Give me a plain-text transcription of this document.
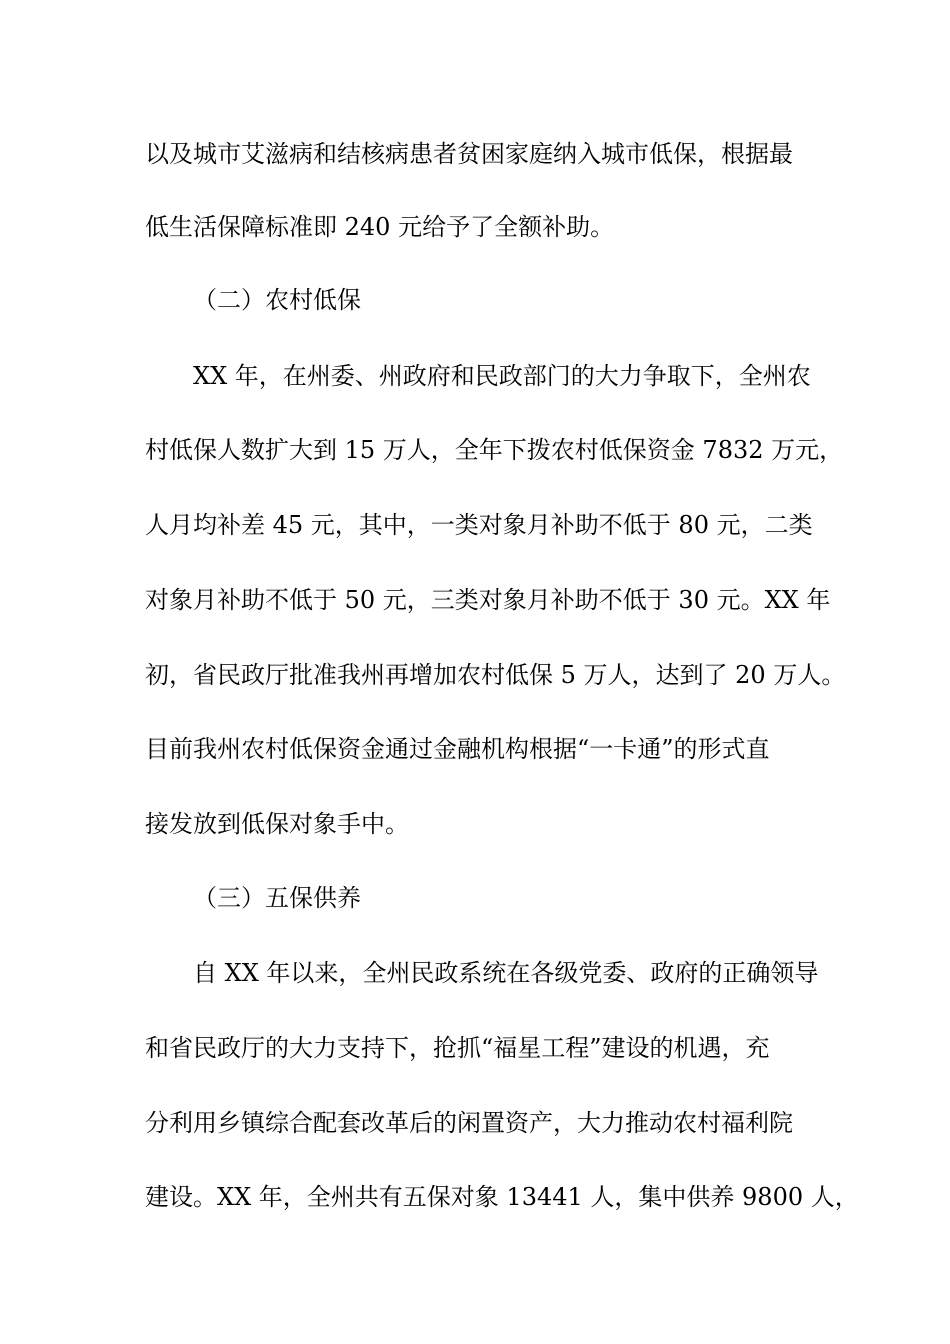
以及城市艾滋病和结核病患者贫困家庭纳入城市低保，根据最

低生活保障标准即 240 元给予了全额补助。

（二）农村低保

XX 年，在州委、州政府和民政部门的大力争取下，全州农

村低保人数扩大到 15 万人，全年下拨农村低保资金 7832 万元，

人月均补差 45 元，其中，一类对象月补助不低于 80 元，二类

对象月补助不低于 50 元，三类对象月补助不低于 30 元。XX 年

初，省民政厅批准我州再增加农村低保 5 万人，达到了 20 万人。

目前我州农村低保资金通过金融机构根据“一卡通”的形式直

接发放到低保对象手中。

（三）五保供养

自 XX 年以来，全州民政系统在各级党委、政府的正确领导

和省民政厅的大力支持下，抢抓“福星工程”建设的机遇，充

分利用乡镇综合配套改革后的闲置资产，大力推动农村福利院

建设。XX 年，全州共有五保对象 13441 人，集中供养 9800 人，
